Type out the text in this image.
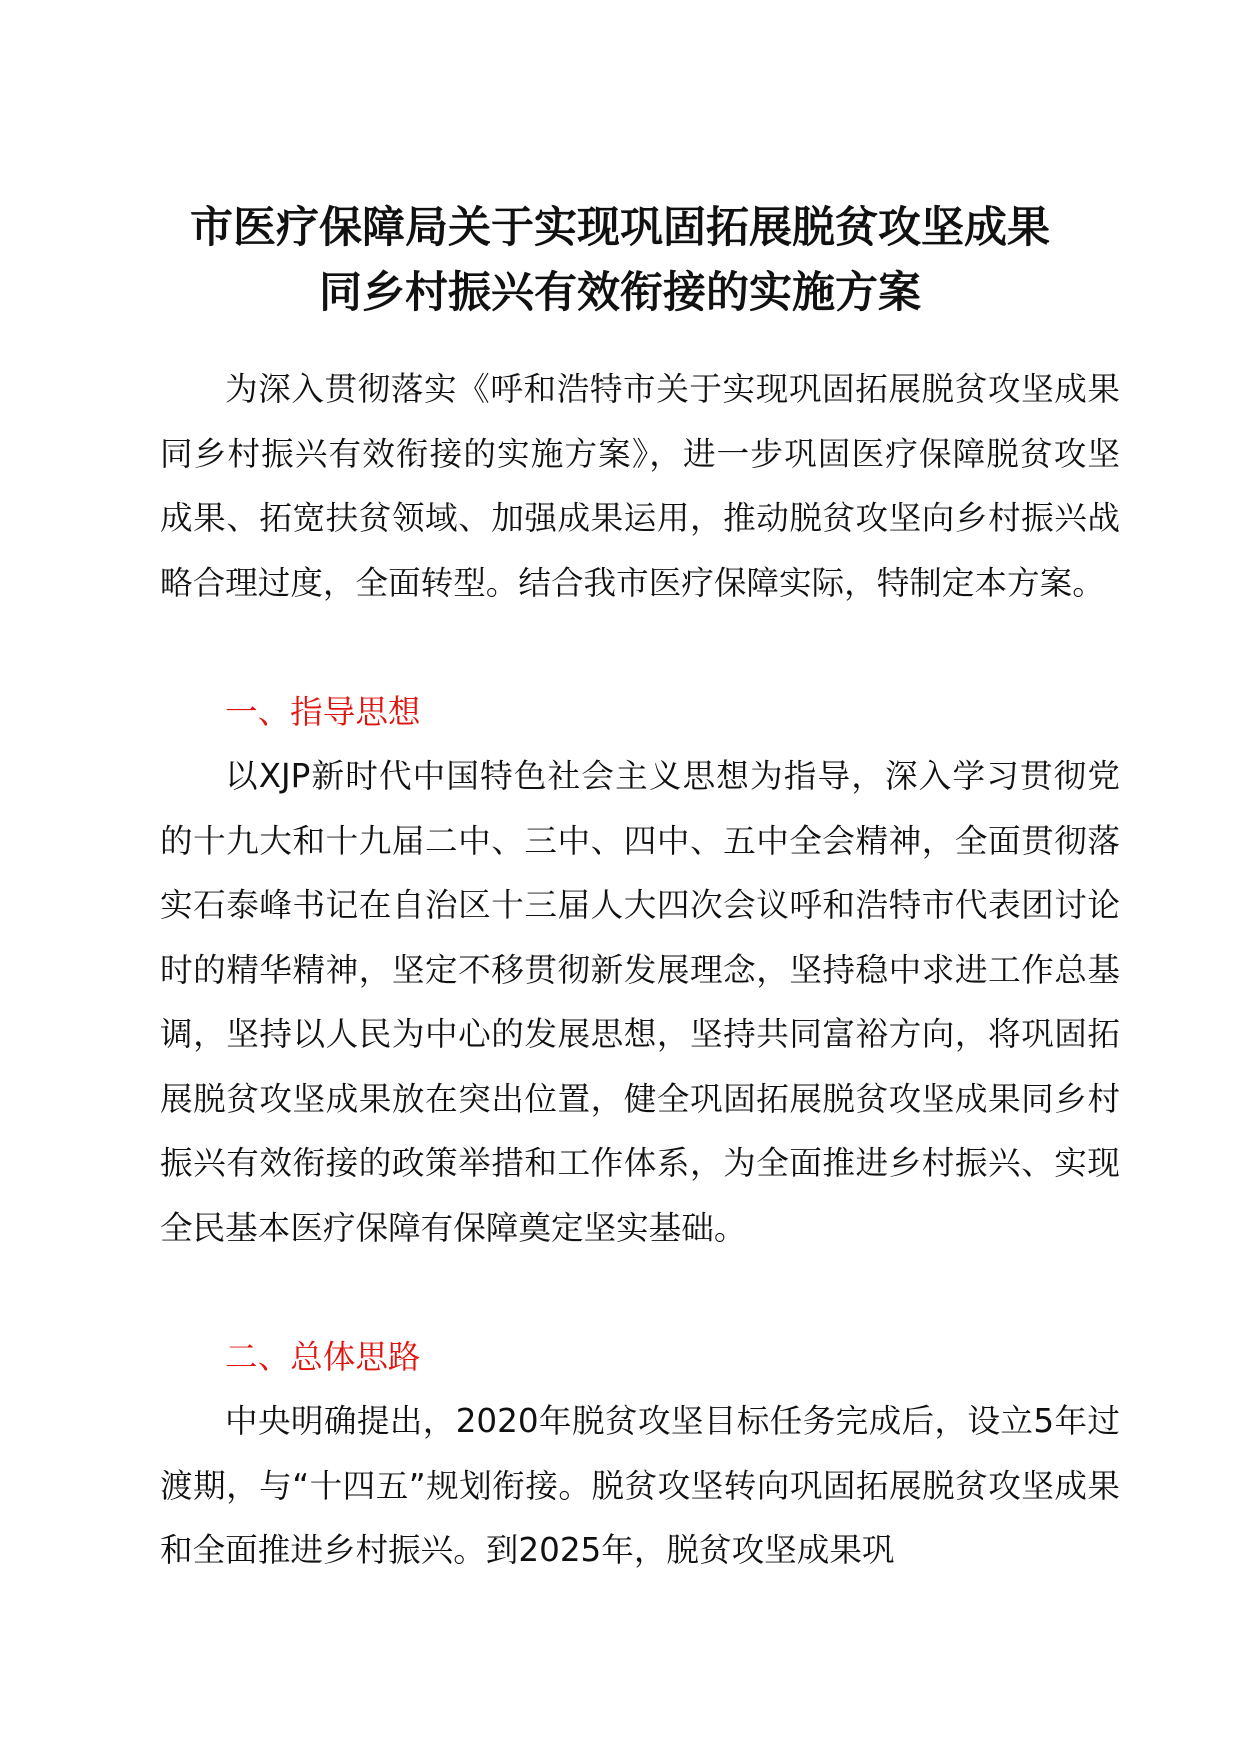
市医疗保障局关于实现巩固拓展脱贫攻坚成果
同乡村振兴有效衔接的实施方案

为深入贯彻落实《呼和浩特市关于实现巩固拓展脱贫攻坚成果同乡村振兴有效衔接的实施方案》，进一步巩固医疗保障脱贫攻坚成果、拓宽扶贫领域、加强成果运用，推动脱贫攻坚向乡村振兴战略合理过度，全面转型。结合我市医疗保障实际，特制定本方案。

一、指导思想

以XJP新时代中国特色社会主义思想为指导，深入学习贯彻党的十九大和十九届二中、三中、四中、五中全会精神，全面贯彻落实石泰峰书记在自治区十三届人大四次会议呼和浩特市代表团讨论时的精华精神，坚定不移贯彻新发展理念，坚持稳中求进工作总基调，坚持以人民为中心的发展思想，坚持共同富裕方向，将巩固拓展脱贫攻坚成果放在突出位置，健全巩固拓展脱贫攻坚成果同乡村振兴有效衔接的政策举措和工作体系，为全面推进乡村振兴、实现全民基本医疗保障有保障奠定坚实基础。

二、总体思路

中央明确提出，2020年脱贫攻坚目标任务完成后，设立5年过渡期，与“十四五”规划衔接。脱贫攻坚转向巩固拓展脱贫攻坚成果和全面推进乡村振兴。到2025年，脱贫攻坚成果巩
